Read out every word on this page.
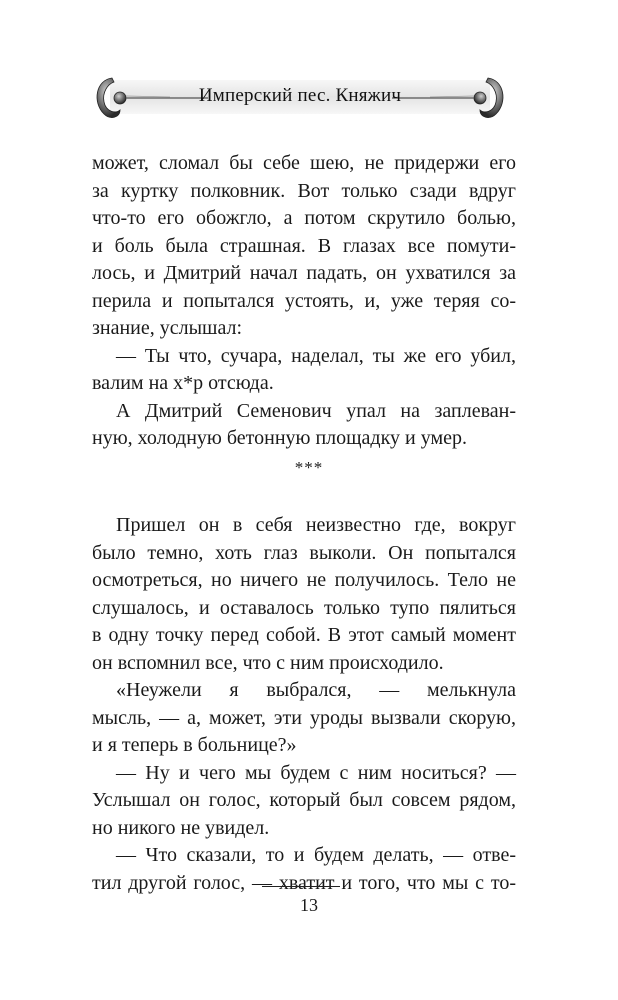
Имперский пес. Княжич
может, сломал бы себе шею, не придержи его
за куртку полковник. Вот только сзади вдруг
что-то его обожгло, а потом скрутило болью,
и боль была страшная. В глазах все помути-
лось, и Дмитрий начал падать, он ухватился за
перила и попытался устоять, и, уже теряя со-
знание, услышал:
— Ты что, сучара, наделал, ты же его убил,
валим на х*р отсюда.
А Дмитрий Семенович упал на заплеван-
ную, холодную бетонную площадку и умер.
***
Пришел он в себя неизвестно где, вокруг
было темно, хоть глаз выколи. Он попытался
осмотреться, но ничего не получилось. Тело не
слушалось, и оставалось только тупо пялиться
в одну точку перед собой. В этот самый момент
он вспомнил все, что с ним происходило.
«Неужели я выбрался, — мелькнула
мысль, — а, может, эти уроды вызвали скорую,
и я теперь в больнице?»
— Ну и чего мы будем с ним носиться? —
Услышал он голос, который был совсем рядом,
но никого не увидел.
— Что сказали, то и будем делать, — отве-
тил другой голос, — хватит и того, что мы с то-
13
